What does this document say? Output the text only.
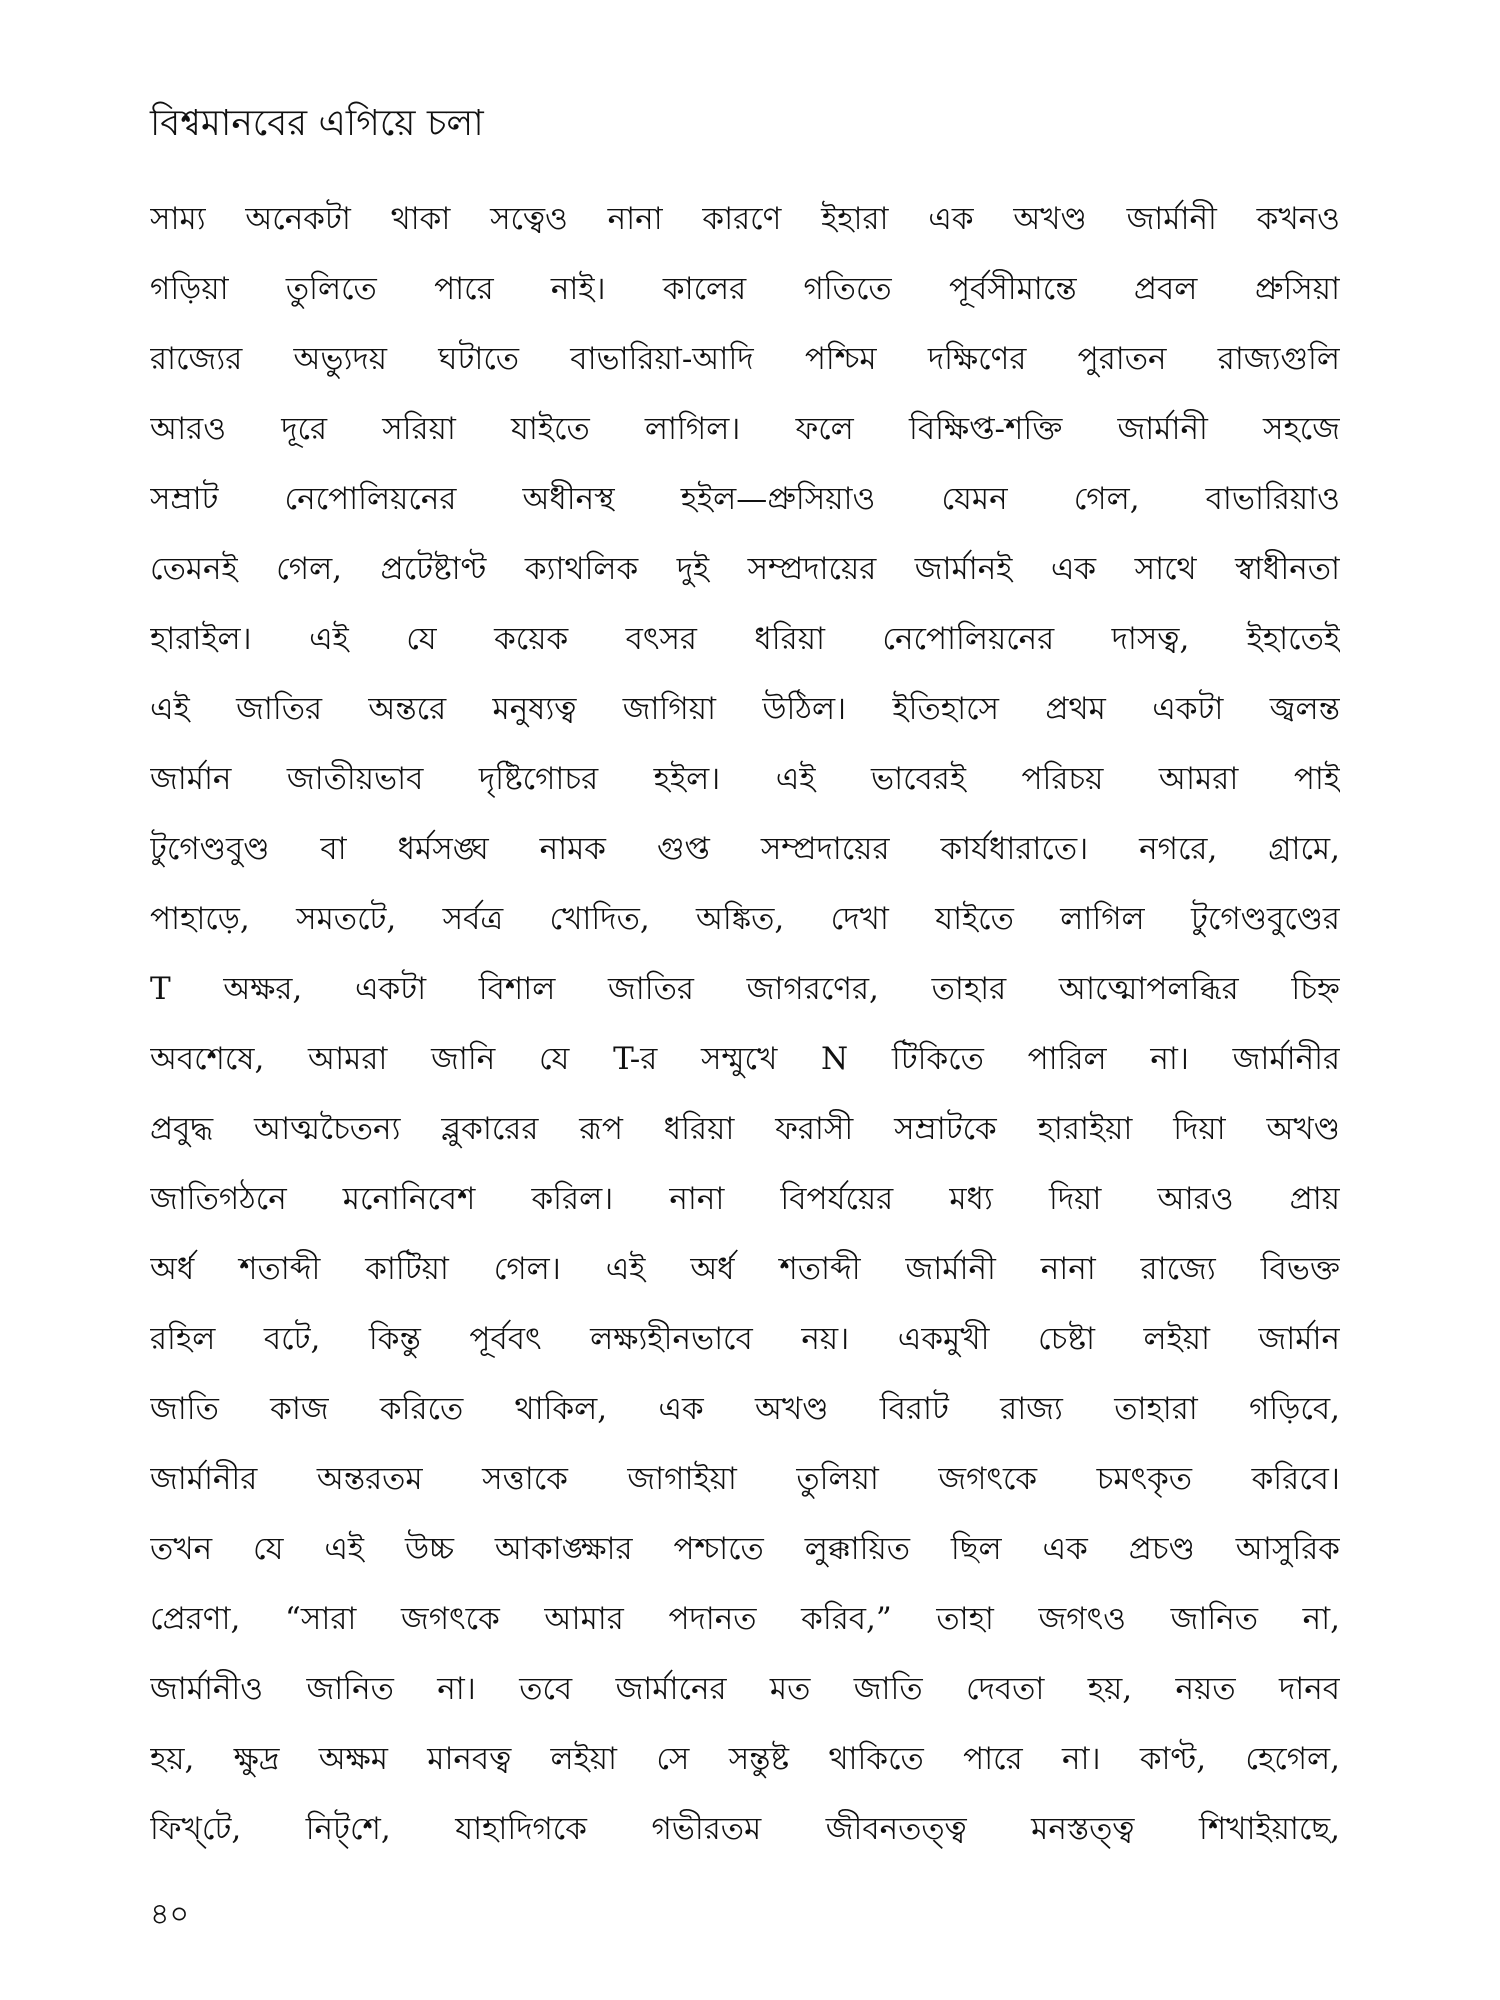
বিশ্বমানবের এগিয়ে চলা
সাম্য অনেকটা থাকা সত্বেও নানা কারণে ইহারা এক অখণ্ড জার্মানী কখনও
গড়িয়া তুলিতে পারে নাই। কালের গতিতে পূর্বসীমান্তে প্রবল প্রুসিয়া
রাজ্যের অভ্যুদয় ঘটাতে বাভারিয়া-আদি পশ্চিম দক্ষিণের পুরাতন রাজ্যগুলি
আরও দূরে সরিয়া যাইতে লাগিল। ফলে বিক্ষিপ্ত-শক্তি জার্মানী সহজে
সম্রাট নেপোলিয়নের অধীনস্থ হইল—প্রুসিয়াও যেমন গেল, বাভারিয়াও
তেমনই গেল, প্রটেষ্টাণ্ট ক্যাথলিক দুই সম্প্রদায়ের জার্মানই এক সাথে স্বাধীনতা
হারাইল। এই যে কয়েক বৎসর ধরিয়া নেপোলিয়নের দাসত্ব, ইহাতেই
এই জাতির অন্তরে মনুষ্যত্ব জাগিয়া উঠিল। ইতিহাসে প্রথম একটা জ্বলন্ত
জার্মান জাতীয়ভাব দৃষ্টিগোচর হইল। এই ভাবেরই পরিচয় আমরা পাই
টুগেণ্ডবুণ্ড বা ধর্মসঙ্ঘ নামক গুপ্ত সম্প্রদায়ের কার্যধারাতে। নগরে, গ্রামে,
পাহাড়ে, সমতটে, সর্বত্র খোদিত, অঙ্কিত, দেখা যাইতে লাগিল টুগেণ্ডবুণ্ডের
T অক্ষর, একটা বিশাল জাতির জাগরণের, তাহার আত্মোপলব্ধির চিহ্ন
অবশেষে, আমরা জানি যে T-র সম্মুখে N টিকিতে পারিল না। জার্মানীর
প্রবুদ্ধ আত্মচৈতন্য ব্লুকারের রূপ ধরিয়া ফরাসী সম্রাটকে হারাইয়া দিয়া অখণ্ড
জাতিগঠনে মনোনিবেশ করিল। নানা বিপর্যয়ের মধ্য দিয়া আরও প্রায়
অর্ধ শতাব্দী কাটিয়া গেল। এই অর্ধ শতাব্দী জার্মানী নানা রাজ্যে বিভক্ত
রহিল বটে, কিন্তু পূর্ববৎ লক্ষ্যহীনভাবে নয়। একমুখী চেষ্টা লইয়া জার্মান
জাতি কাজ করিতে থাকিল, এক অখণ্ড বিরাট রাজ্য তাহারা গড়িবে,
জার্মানীর অন্তরতম সত্তাকে জাগাইয়া তুলিয়া জগৎকে চমৎকৃত করিবে।
তখন যে এই উচ্চ আকাঙ্ক্ষার পশ্চাতে লুক্কায়িত ছিল এক প্রচণ্ড আসুরিক
প্রেরণা, “সারা জগৎকে আমার পদানত করিব,” তাহা জগৎও জানিত না,
জার্মানীও জানিত না। তবে জার্মানের মত জাতি দেবতা হয়, নয়ত দানব
হয়, ক্ষুদ্র অক্ষম মানবত্ব লইয়া সে সন্তুষ্ট থাকিতে পারে না। কাণ্ট, হেগেল,
ফিখ্‌টে, নিট্‌শে, যাহাদিগকে গভীরতম জীবনতত্ত্ব মনস্তত্ত্ব শিখাইয়াছে,
৪০
